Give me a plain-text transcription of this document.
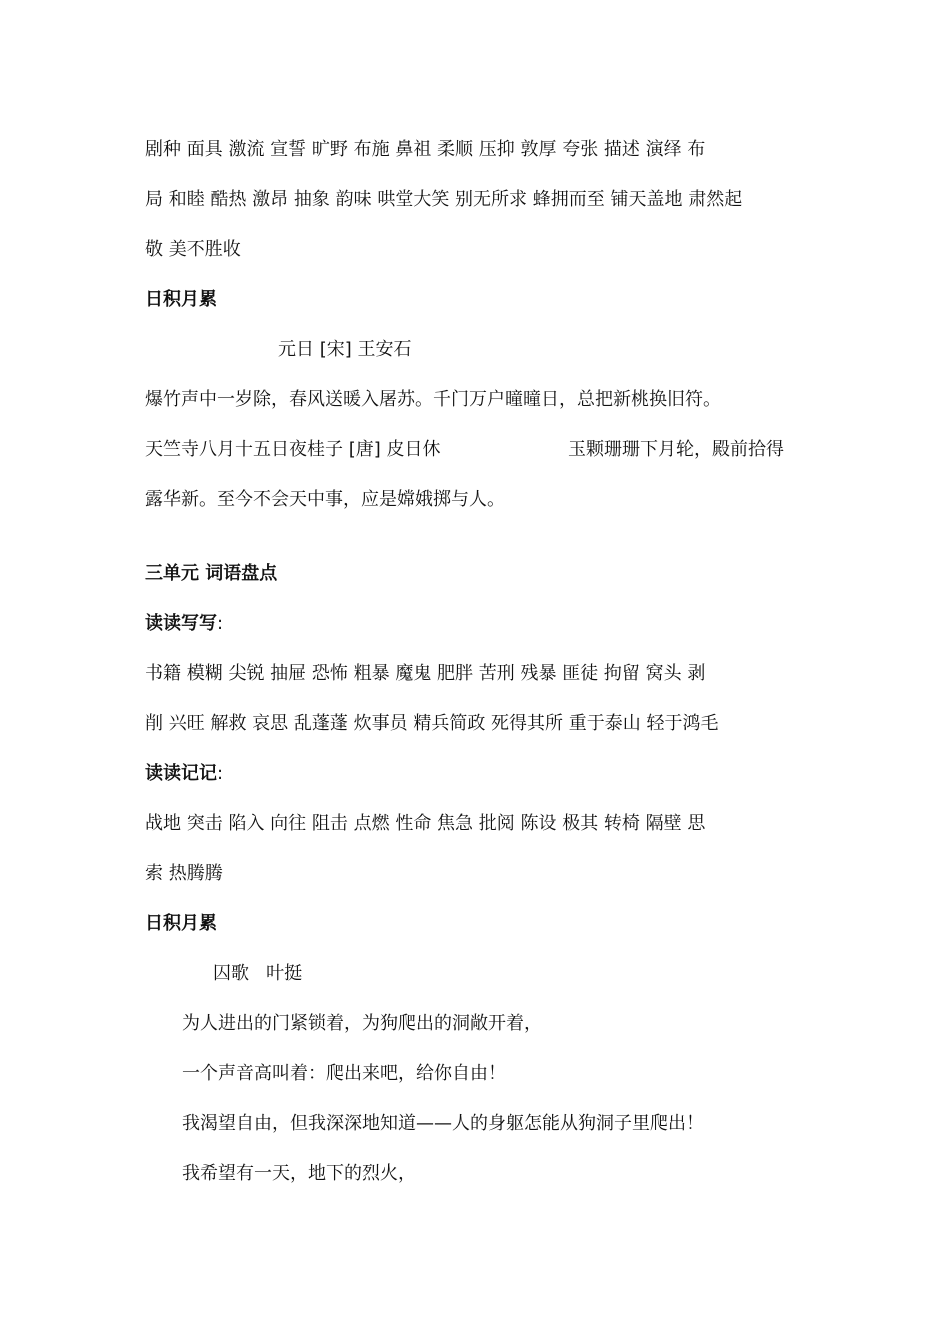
剧种 面具 激流 宣誓 旷野 布施 鼻祖 柔顺 压抑 敦厚 夸张 描述 演绎 布
局 和睦 酷热 激昂 抽象 韵味 哄堂大笑 别无所求 蜂拥而至 铺天盖地 肃然起
敬 美不胜收
日积月累
元日 [宋] 王安石
爆竹声中一岁除，春风送暖入屠苏。千门万户曈曈日，总把新桃换旧符。
天竺寺八月十五日夜桂子 [唐] 皮日休	玉颗珊珊下月轮，殿前拾得
露华新。至今不会天中事，应是嫦娥掷与人。
三单元 词语盘点
读读写写:
书籍 模糊 尖锐 抽屉 恐怖 粗暴 魔鬼 肥胖 苦刑 残暴 匪徒 拘留 窝头 剥
削 兴旺 解救 哀思 乱蓬蓬 炊事员 精兵简政 死得其所 重于泰山 轻于鸿毛
读读记记:
战地 突击 陷入 向往 阻击 点燃 性命 焦急 批阅 陈设 极其 转椅 隔壁 思
索 热腾腾
日积月累
囚歌   叶挺
为人进出的门紧锁着，为狗爬出的洞敞开着，
一个声音高叫着：爬出来吧，给你自由！
我渴望自由，但我深深地知道——人的身躯怎能从狗洞子里爬出！
我希望有一天，地下的烈火，
